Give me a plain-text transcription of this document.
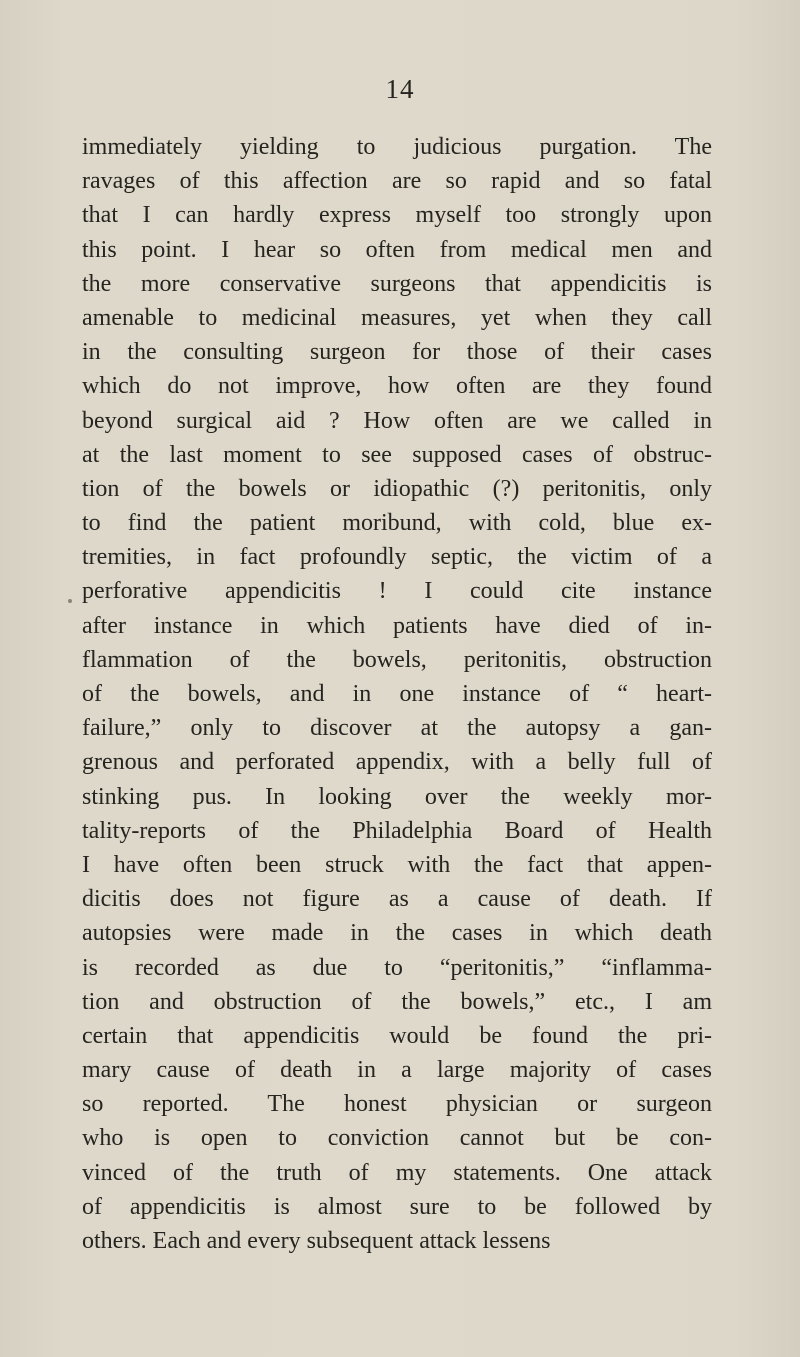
14
immediately yielding to judicious purgation. The
ravages of this affection are so rapid and so fatal
that I can hardly express myself too strongly upon
this point. I hear so often from medical men and
the more conservative surgeons that appendicitis is
amenable to medicinal measures, yet when they call
in the consulting surgeon for those of their cases
which do not improve, how often are they found
beyond surgical aid ? How often are we called in
at the last moment to see supposed cases of obstruc-
tion of the bowels or idiopathic (?) peritonitis, only
to find the patient moribund, with cold, blue ex-
tremities, in fact profoundly septic, the victim of a
perforative appendicitis ! I could cite instance
after instance in which patients have died of in-
flammation of the bowels, peritonitis, obstruction
of the bowels, and in one instance of “ heart-
failure,” only to discover at the autopsy a gan-
grenous and perforated appendix, with a belly full of
stinking pus. In looking over the weekly mor-
tality-reports of the Philadelphia Board of Health
I have often been struck with the fact that appen-
dicitis does not figure as a cause of death. If
autopsies were made in the cases in which death
is recorded as due to “peritonitis,” “inflamma-
tion and obstruction of the bowels,” etc., I am
certain that appendicitis would be found the pri-
mary cause of death in a large majority of cases
so reported. The honest physician or surgeon
who is open to conviction cannot but be con-
vinced of the truth of my statements. One attack
of appendicitis is almost sure to be followed by
others. Each and every subsequent attack lessens
